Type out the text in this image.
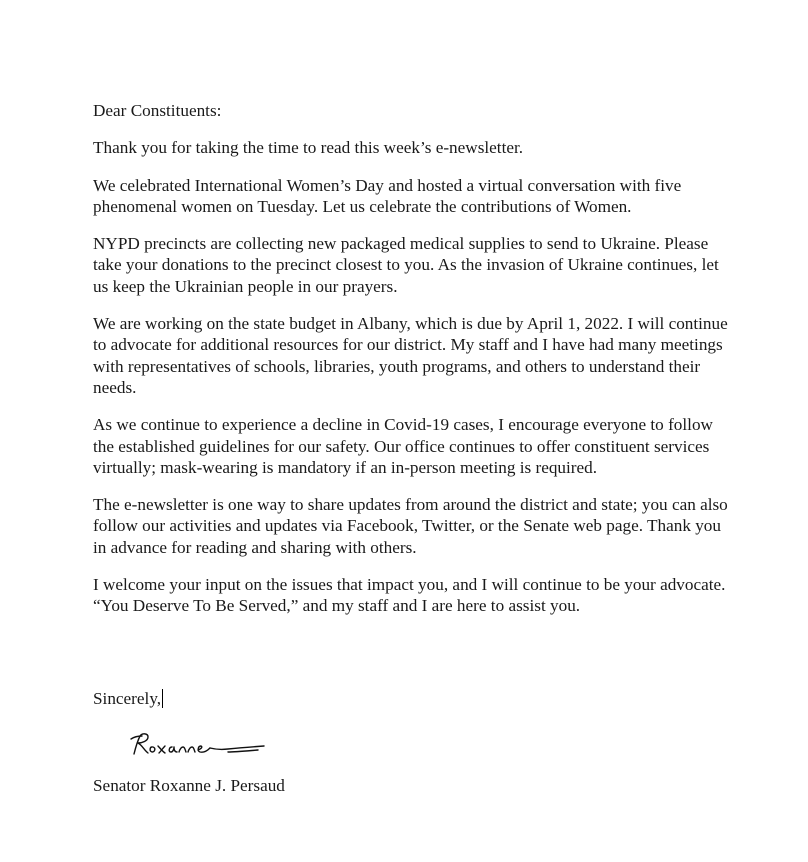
Dear Constituents:

Thank you for taking the time to read this week’s e-newsletter.

We celebrated International Women’s Day and hosted a virtual conversation with five phenomenal women on Tuesday. Let us celebrate the contributions of Women.

NYPD precincts are collecting new packaged medical supplies to send to Ukraine. Please take your donations to the precinct closest to you. As the invasion of Ukraine continues, let us keep the Ukrainian people in our prayers.

We are working on the state budget in Albany, which is due by April 1, 2022. I will continue to advocate for additional resources for our district. My staff and I have had many meetings with representatives of schools, libraries, youth programs, and others to understand their needs.

As we continue to experience a decline in Covid-19 cases, I encourage everyone to follow the established guidelines for our safety. Our office continues to offer constituent services virtually; mask-wearing is mandatory if an in-person meeting is required.

The e-newsletter is one way to share updates from around the district and state; you can also follow our activities and updates via Facebook, Twitter, or the Senate web page. Thank you in advance for reading and sharing with others.

I welcome your input on the issues that impact you, and I will continue to be your advocate. “You Deserve To Be Served,” and my staff and I are here to assist you.

Sincerely,

Senator Roxanne J. Persaud
